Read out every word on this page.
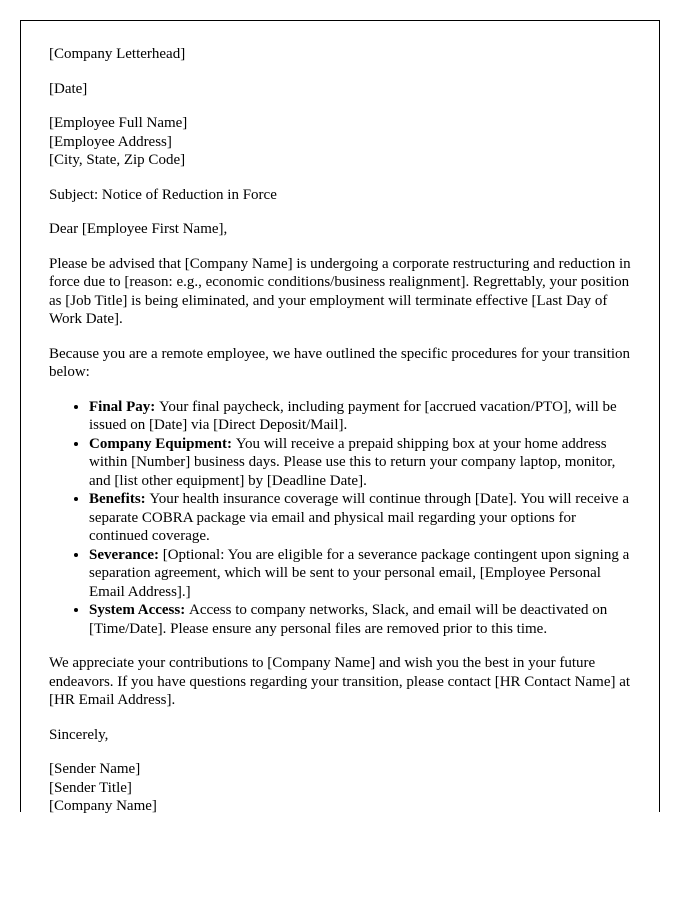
[Company Letterhead]

[Date]

[Employee Full Name]

[Employee Address]

[City, State, Zip Code]

Subject: Notice of Reduction in Force

Dear [Employee First Name],

Please be advised that [Company Name] is undergoing a corporate restructuring and reduction in force due to [reason: e.g., economic conditions/business realignment]. Regrettably, your position as [Job Title] is being eliminated, and your employment will terminate effective [Last Day of Work Date].

Because you are a remote employee, we have outlined the specific procedures for your transition below:

• Final Pay: Your final paycheck, including payment for [accrued vacation/PTO], will be issued on [Date] via [Direct Deposit/Mail].
• Company Equipment: You will receive a prepaid shipping box at your home address within [Number] business days. Please use this to return your company laptop, monitor, and [list other equipment] by [Deadline Date].
• Benefits: Your health insurance coverage will continue through [Date]. You will receive a separate COBRA package via email and physical mail regarding your options for continued coverage.
• Severance: [Optional: You are eligible for a severance package contingent upon signing a separation agreement, which will be sent to your personal email, [Employee Personal Email Address].]
• System Access: Access to company networks, Slack, and email will be deactivated on [Time/Date]. Please ensure any personal files are removed prior to this time.

We appreciate your contributions to [Company Name] and wish you the best in your future endeavors. If you have questions regarding your transition, please contact [HR Contact Name] at [HR Email Address].

Sincerely,

[Sender Name]

[Sender Title]

[Company Name]
